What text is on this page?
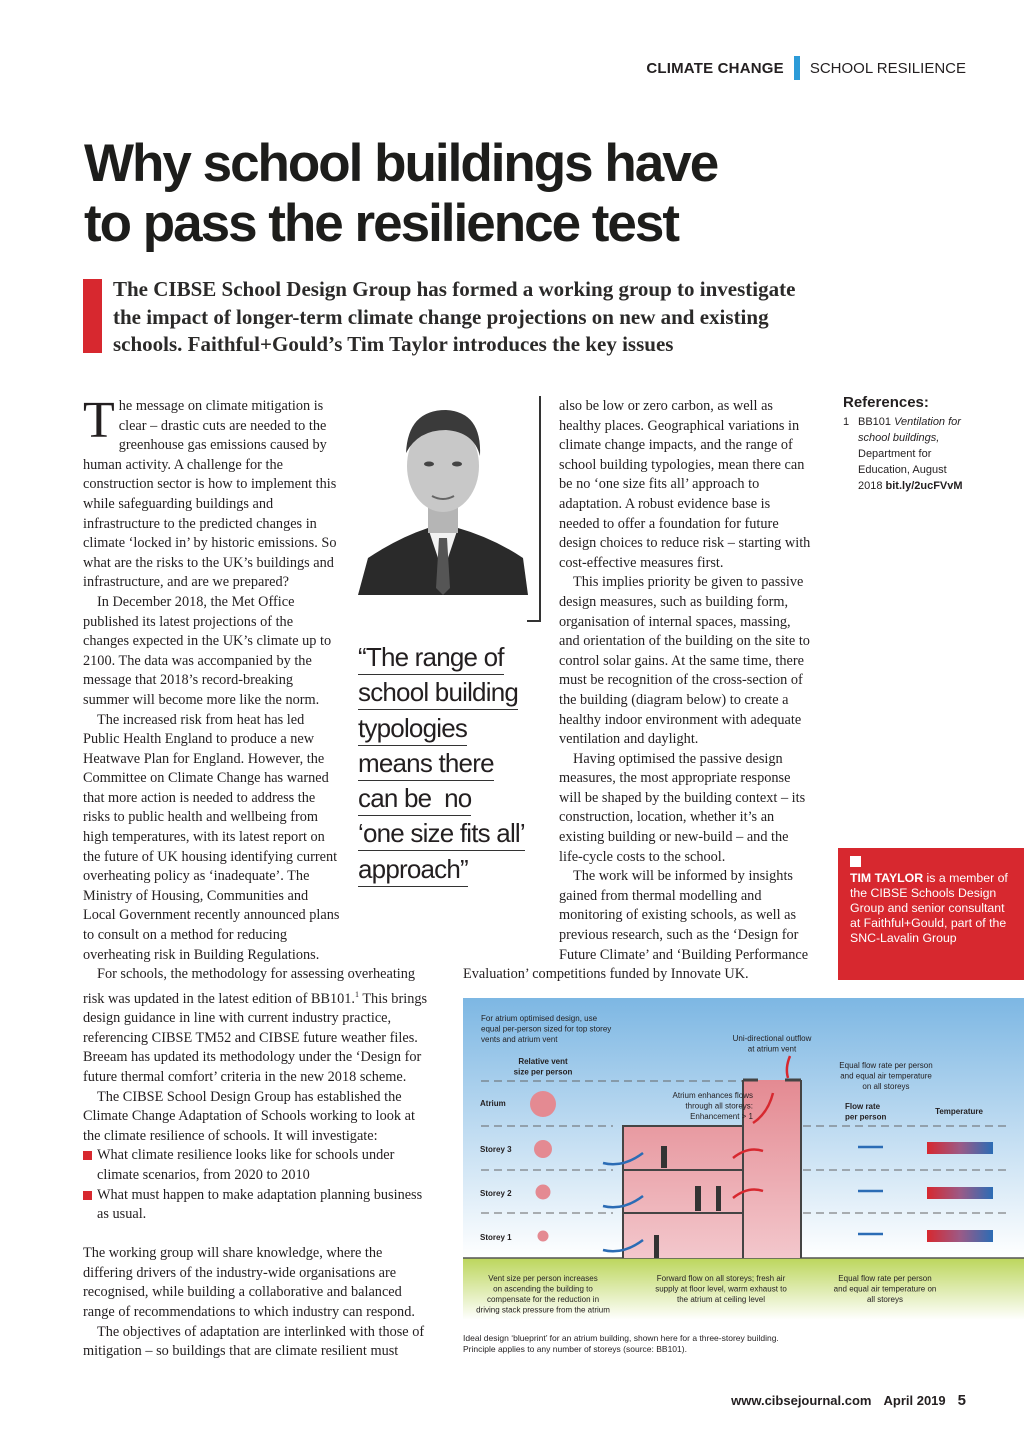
CLIMATE CHANGE SCHOOL RESILIENCE
Why school buildings have
to pass the resilience test

The CIBSE School Design Group has formed a working group to investigate the impact of longer-term climate change projections on new and existing schools. Faithful+Gould’s Tim Taylor introduces the key issues

The message on climate mitigation is clear – drastic cuts are needed to the greenhouse gas emissions caused by human activity. A challenge for the construction sector is how to implement this while safeguarding buildings and infrastructure to the predicted changes in climate ‘locked in’ by historic emissions. So what are the risks to the UK’s buildings and infrastructure, and are we prepared?

In December 2018, the Met Office published its latest projections of the changes expected in the UK’s climate up to 2100. The data was accompanied by the message that 2018’s record-breaking summer will become more like the norm.

The increased risk from heat has led Public Health England to produce a new Heatwave Plan for England. However, the Committee on Climate Change has warned that more action is needed to address the risks to public health and wellbeing from high temperatures, with its latest report on the future of UK housing identifying current overheating policy as ‘inadequate’. The Ministry of Housing, Communities and Local Government recently announced plans to consult on a method for reducing overheating risk in Building Regulations.

For schools, the methodology for assessing overheating risk was updated in the latest edition of BB101.$^1$ This brings design guidance in line with current industry practice, referencing CIBSE TM52 and CIBSE future weather files. Breeam has updated its methodology under the ‘Design for future thermal comfort’ criteria in the new 2018 scheme.

The CIBSE School Design Group has established the Climate Change Adaptation of Schools working to look at the climate resilience of schools. It will investigate:

What climate resilience looks like for schools under climate scenarios, from 2020 to 2010
What must happen to make adaptation planning business as usual.

The working group will share knowledge, where the differing drivers of the industry-wide organisations are recognised, while building a collaborative and balanced range of recommendations to which industry can respond.

The objectives of adaptation are interlinked with those of mitigation – so buildings that are climate resilient must

“The range of
school building
typologies
means there
can be  no
‘one size fits all’
approach”

also be low or zero carbon, as well as healthy places. Geographical variations in climate change impacts, and the range of school building typologies, mean there can be no ‘one size fits all’ approach to adaptation. A robust evidence base is needed to offer a foundation for future design choices to reduce risk – starting with cost-effective measures first.

This implies priority be given to passive design measures, such as building form, organisation of internal spaces, massing, and orientation of the building on the site to control solar gains. At the same time, there must be recognition of the cross-section of the building (diagram below) to create a healthy indoor environment with adequate ventilation and daylight.

Having optimised the passive design measures, the most appropriate response will be shaped by the building context – its construction, location, whether it’s an existing building or new-build – and the life-cycle costs to the school.

The work will be informed by insights gained from thermal modelling and monitoring of existing schools, as well as previous research, such as the ‘Design for Future Climate’ and ‘Building Performance Evaluation’ competitions funded by Innovate UK.

References:
1 BB101 Ventilation for school buildings, Department for Education, August 2018 bit.ly/2ucFVvM
TIM TAYLOR is a member of the CIBSE Schools Design Group and senior consultant at Faithful+Gould, part of the SNC-Lavalin Group
For atrium optimised design, use
equal per-person sized for top storey
vents and atrium vent
Relative vent
size per person
Uni-directional outflow
at atrium vent
Atrium enhances flows
through all storeys:
Enhancement > 1
Equal flow rate per person
and equal air temperature
on all storeys
Flow rate
per person
Temperature
Atrium
Storey 3
Storey 2
Storey 1
Vent size per person increases
on ascending the building to
compensate for the reduction in
driving stack pressure from the atrium
Forward flow on all storeys; fresh air
supply at floor level, warm exhaust to
the atrium at ceiling level
Equal flow rate per person
and equal air temperature on
all storeys

Ideal design ‘blueprint’ for an atrium building, shown here for a three-storey building. Principle applies to any number of storeys (source: BB101).

www.cibsejournal.com April 2019 5
